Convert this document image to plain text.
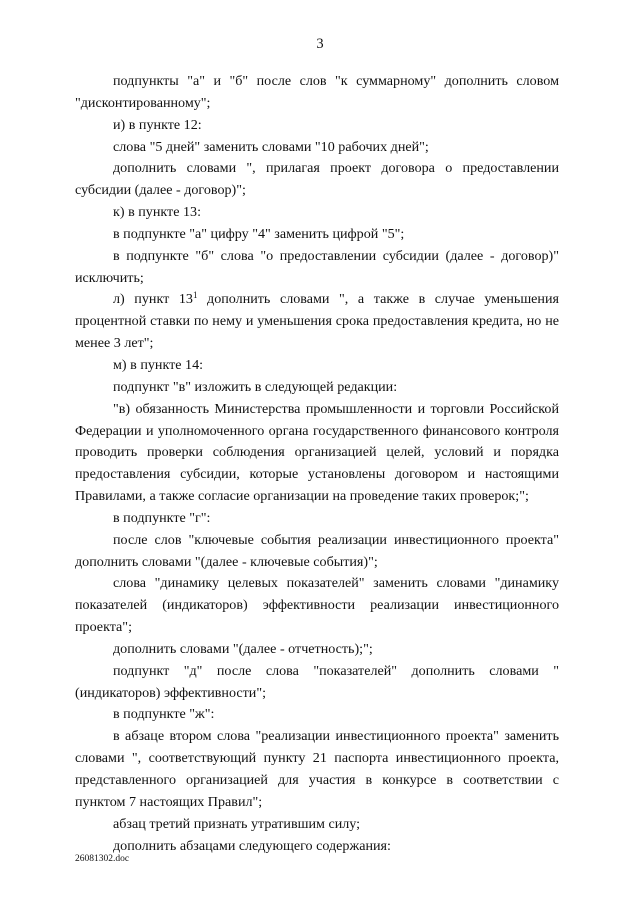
3

подпункты "а" и "б" после слов "к суммарному" дополнить словом "дисконтированному";

и) в пункте 12:

слова "5 дней" заменить словами "10 рабочих дней";

дополнить словами ", прилагая проект договора о предоставлении субсидии (далее - договор)";

к) в пункте 13:

в подпункте "а" цифру "4" заменить цифрой "5";

в подпункте "б" слова "о предоставлении субсидии (далее - договор)" исключить;

л) пункт $13^1$ дополнить словами ", а также в случае уменьшения процентной ставки по нему и уменьшения срока предоставления кредита, но не менее 3 лет";

м) в пункте 14:

подпункт "в" изложить в следующей редакции:

"в) обязанность Министерства промышленности и торговли Российской Федерации и уполномоченного органа государственного финансового контроля проводить проверки соблюдения организацией целей, условий и порядка предоставления субсидии, которые установлены договором и настоящими Правилами, а также согласие организации на проведение таких проверок;";

в подпункте "г":

после слов "ключевые события реализации инвестиционного проекта" дополнить словами "(далее - ключевые события)";

слова "динамику целевых показателей" заменить словами "динамику показателей (индикаторов) эффективности реализации инвестиционного проекта";

дополнить словами "(далее - отчетность);";

подпункт "д" после слова "показателей" дополнить словами "(индикаторов) эффективности";

в подпункте "ж":

в абзаце втором слова "реализации инвестиционного проекта" заменить словами ", соответствующий пункту 21 паспорта инвестиционного проекта, представленного организацией для участия в конкурсе в соответствии с пунктом 7 настоящих Правил";

абзац третий признать утратившим силу;

дополнить абзацами следующего содержания:

26081302.doc
